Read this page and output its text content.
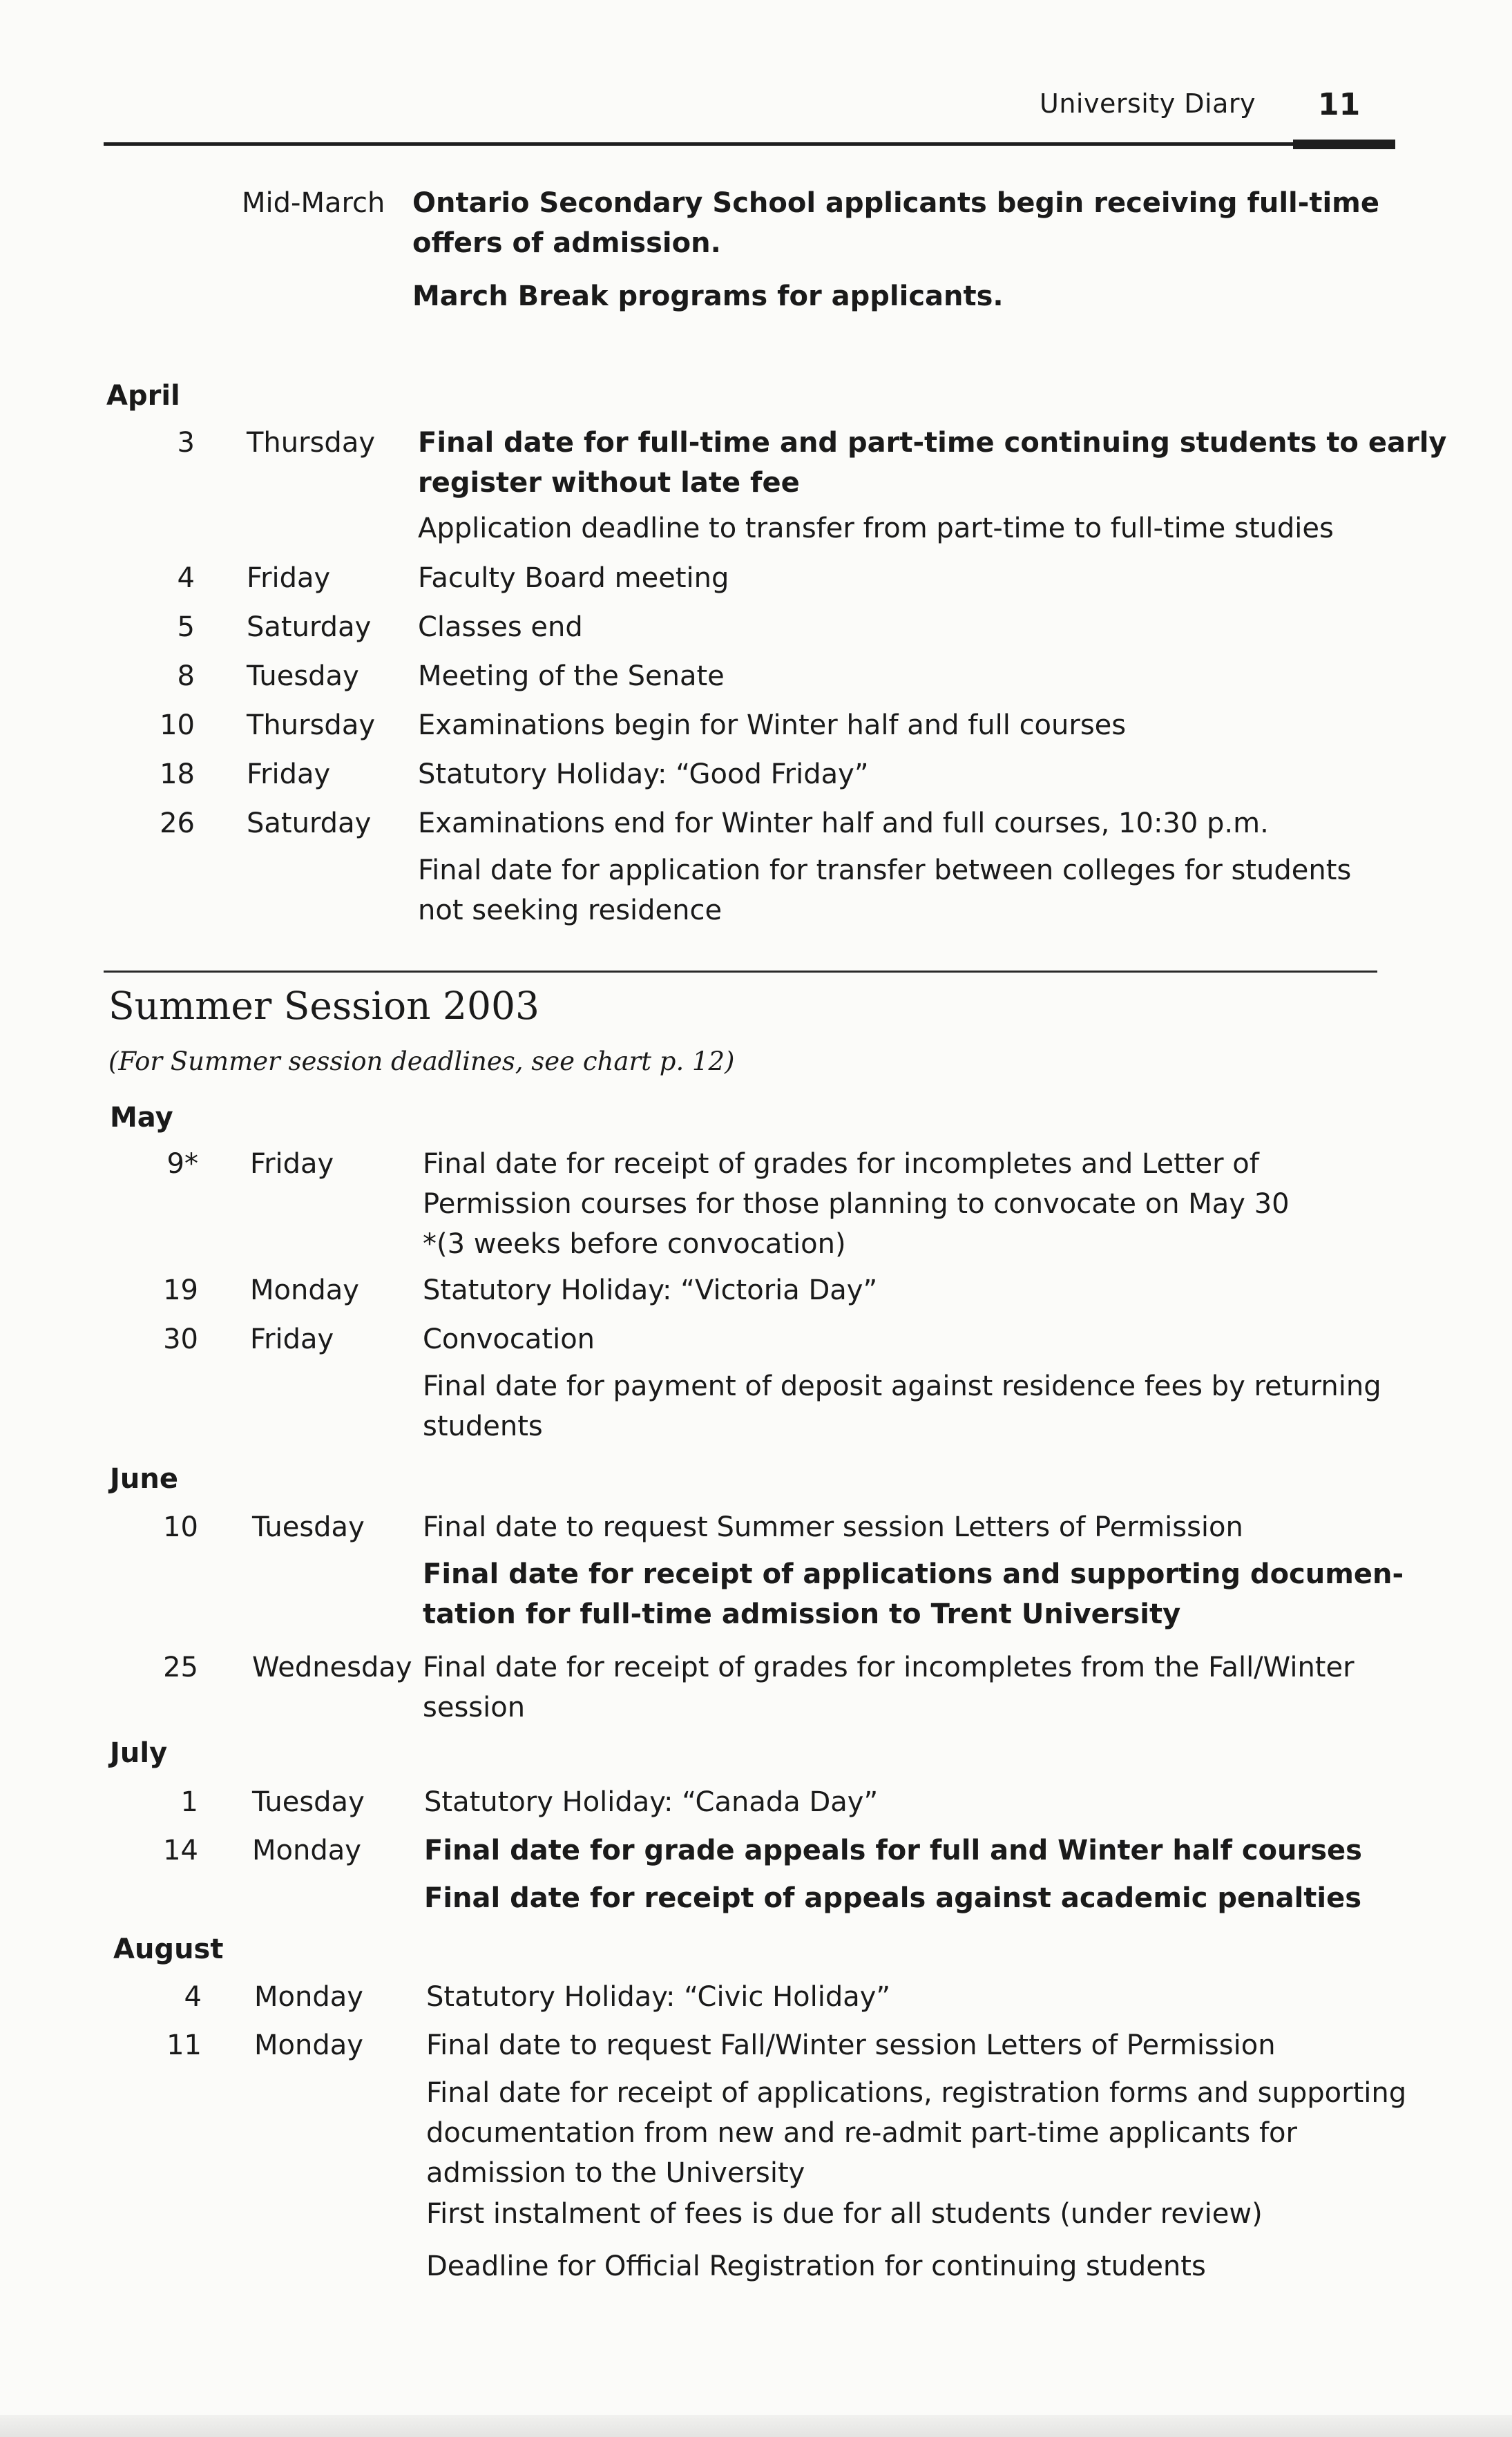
University Diary 11
Mid-March Ontario Secondary School applicants begin receiving full-time
offers of admission.
March Break programs for applicants.
April
3 Thursday Final date for full-time and part-time continuing students to early
register without late fee
Application deadline to transfer from part-time to full-time studies
4 Friday	Faculty Board meeting
5 Saturday Classes end
8 Tuesday Meeting of the Senate
10 Thursday Examinations begin for Winter half and full courses
18 Friday	Statutory Holiday: “Good Friday”
26 Saturday Examinations end for Winter half and full courses, 10:30 p.m.
Final date for application for transfer between colleges for students
not seeking residence
May
9* Friday	Final date for receipt of grades for incompletes and Letter of
Permission courses for those planning to convocate on May 30
*(3 weeks before convocation)
19 Monday Statutory Holiday: “Victoria Day”
30 Friday	Convocation
Final date for payment of deposit against residence fees by returning
students
June
10 Tuesday Final date to request Summer session Letters of Permission
Final date for receipt of applications and supporting documen-
tation for full-time admission to Trent University
25 Wednesday Final date for receipt of grades for incompletes from the Fall/Winter
session
July
1 Tuesday Statutory Holiday: “Canada Day”
14 Monday Final date for grade appeals for full and Winter half courses
Final date for receipt of appeals against academic penalties
August
4 Monday Statutory Holiday: “Civic Holiday”
11 Monday Final date to request Fall/Winter session Letters of Permission
Final date for receipt of applications, registration forms and supporting
documentation from new and re-admit part-time applicants for
admission to the University
First instalment of fees is due for all students (under review)
Deadline for Official Registration for continuing students
Summer Session 2003
(For Summer session deadlines, see chart p. 12)
